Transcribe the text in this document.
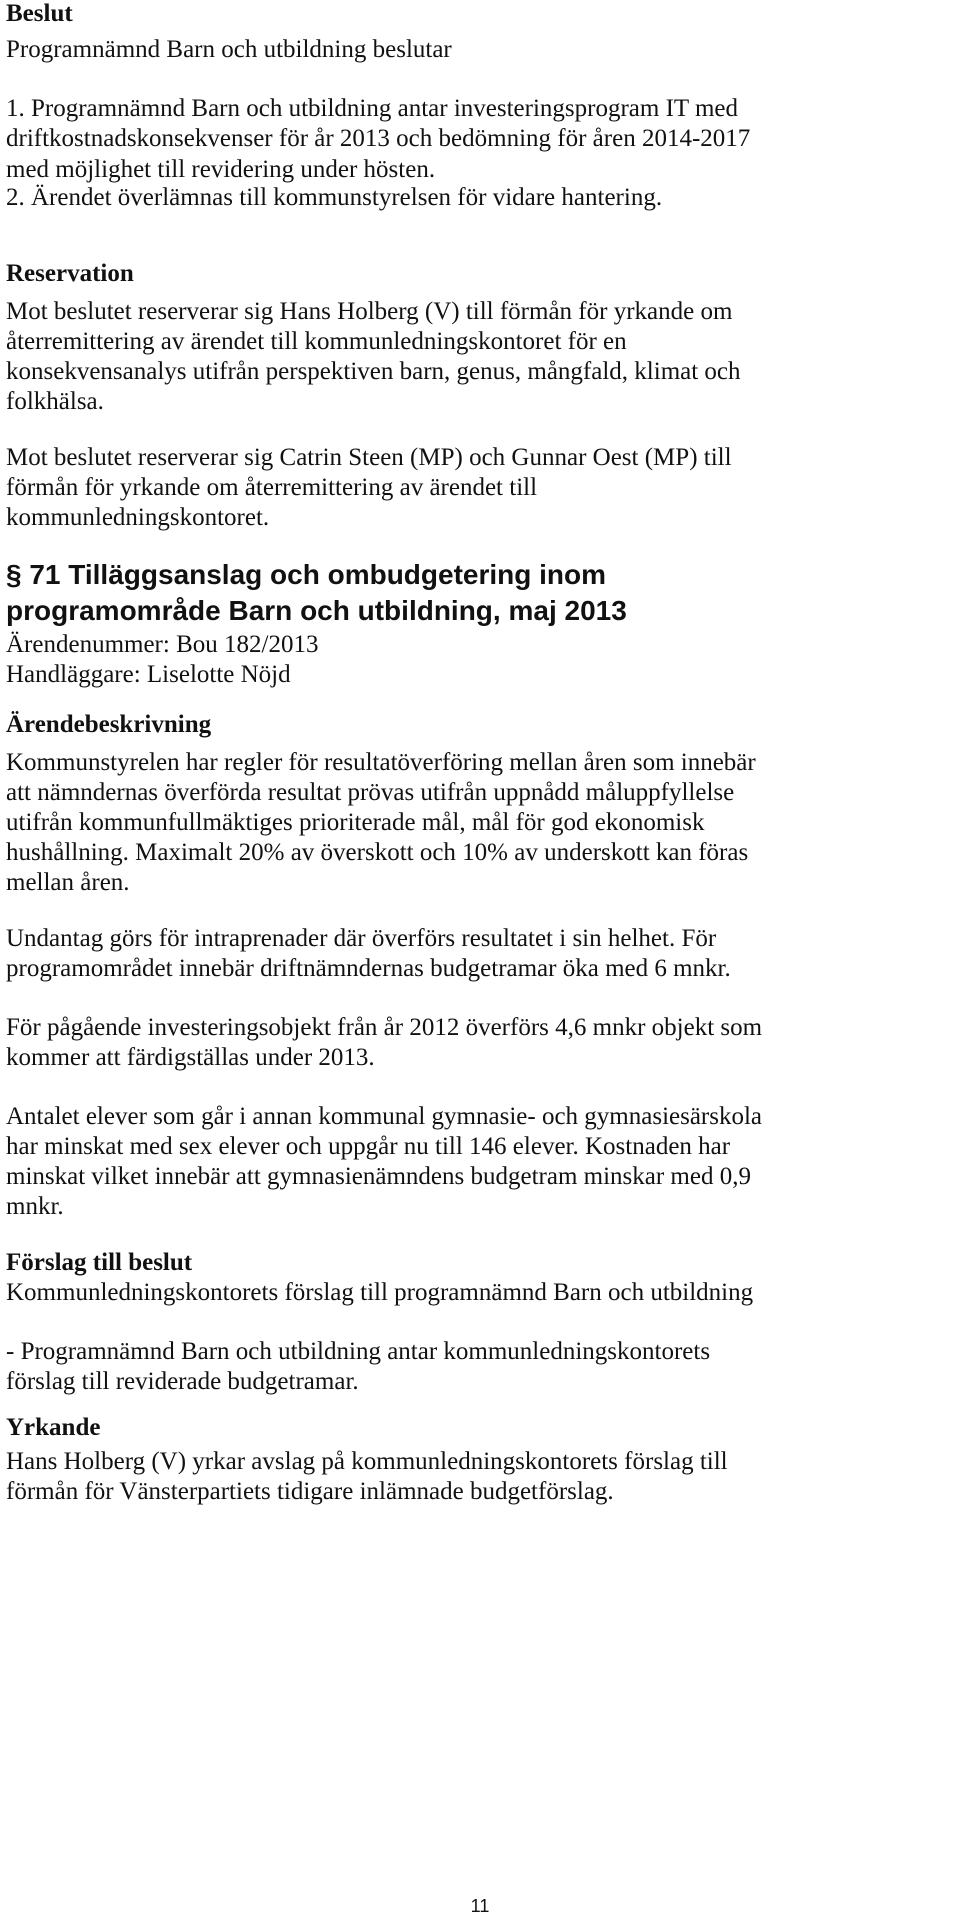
Beslut
Programnämnd Barn och utbildning beslutar
1. Programnämnd Barn och utbildning antar investeringsprogram IT med
driftkostnadskonsekvenser för år 2013 och bedömning för åren 2014-2017
med möjlighet till revidering under hösten.
2. Ärendet överlämnas till kommunstyrelsen för vidare hantering.
Reservation
Mot beslutet reserverar sig Hans Holberg (V) till förmån för yrkande om
återremittering av ärendet till kommunledningskontoret för en
konsekvensanalys utifrån perspektiven barn, genus, mångfald, klimat och
folkhälsa.
Mot beslutet reserverar sig Catrin Steen (MP) och Gunnar Oest (MP) till
förmån för yrkande om återremittering av ärendet till
kommunledningskontoret.
§ 71 Tilläggsanslag och ombudgetering inom
programområde Barn och utbildning, maj 2013
Ärendenummer: Bou 182/2013
Handläggare: Liselotte Nöjd
Ärendebeskrivning
Kommunstyrelen har regler för resultatöverföring mellan åren som innebär
att nämndernas överförda resultat prövas utifrån uppnådd måluppfyllelse
utifrån kommunfullmäktiges prioriterade mål, mål för god ekonomisk
hushållning. Maximalt 20% av överskott och 10% av underskott kan föras
mellan åren.
Undantag görs för intraprenader där överförs resultatet i sin helhet. För
programområdet innebär driftnämndernas budgetramar öka med 6 mnkr.
För pågående investeringsobjekt från år 2012 överförs 4,6 mnkr objekt som
kommer att färdigställas under 2013.
Antalet elever som går i annan kommunal gymnasie- och gymnasiesärskola
har minskat med sex elever och uppgår nu till 146 elever. Kostnaden har
minskat vilket innebär att gymnasienämndens budgetram minskar med 0,9
mnkr.
Förslag till beslut
Kommunledningskontorets förslag till programnämnd Barn och utbildning
- Programnämnd Barn och utbildning antar kommunledningskontorets
förslag till reviderade budgetramar.
Yrkande
Hans Holberg (V) yrkar avslag på kommunledningskontorets förslag till
förmån för Vänsterpartiets tidigare inlämnade budgetförslag.
11
